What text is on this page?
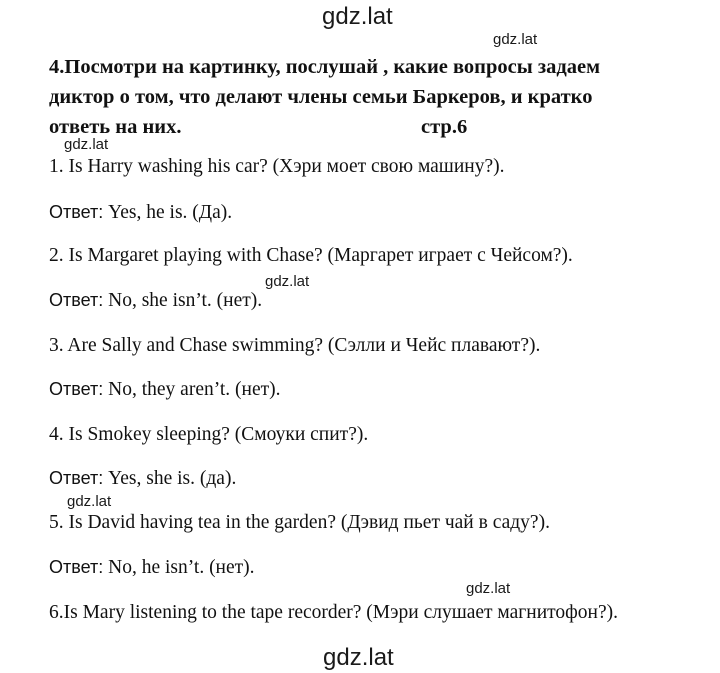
gdz.lat
gdz.lat
gdz.lat
gdz.lat
gdz.lat
gdz.lat
gdz.lat
4.Посмотри на картинку, послушай , какие вопросы задаем
диктор о том, что делают члены семьи Баркеров, и кратко
ответь на них.	стр.6
1. Is Harry washing his car? (Хэри моет свою машину?).
Ответ: Yes, he is. (Да).
2. Is Margaret playing with Chase? (Маргарет играет с Чейсом?).
Ответ: No, she isn’t. (нет).
3. Are Sally and Chase swimming? (Сэлли и Чейс плавают?).
Ответ: No, they aren’t. (нет).
4. Is Smokey sleeping? (Смоуки спит?).
Ответ: Yes, she is. (да).
5. Is David having tea in the garden? (Дэвид пьет чай в саду?).
Ответ: No, he isn’t. (нет).
6.Is Mary listening to the tape recorder? (Мэри слушает магнитофон?).
